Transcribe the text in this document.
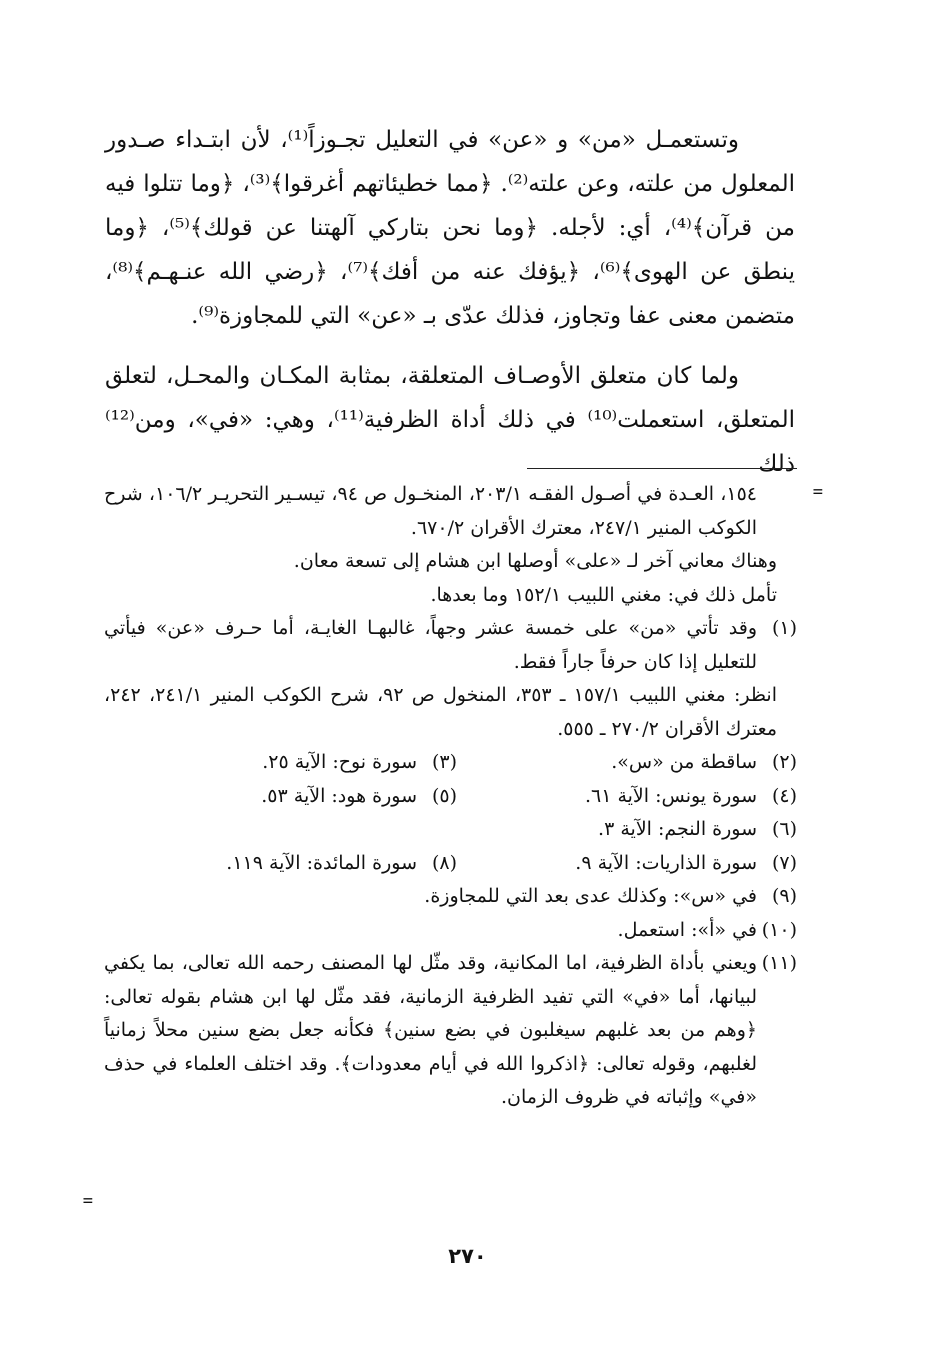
وتستعمـل «من» و «عن» في التعليل تجـوزاً⁽¹⁾، لأن ابتـداء صـدور المعلول من علته، وعن علته⁽²⁾. ﴿مما خطيئاتهم أغرقوا﴾⁽³⁾، ﴿وما تتلوا فيه من قرآن﴾⁽⁴⁾، أي: لأجله. ﴿وما نحن بتاركي آلهتنا عن قولك﴾⁽⁵⁾، ﴿وما ينطق عن الهوى﴾⁽⁶⁾، ﴿يؤفك عنه من أفك﴾⁽⁷⁾، ﴿رضي الله عنـهـم﴾⁽⁸⁾، متضمن معنى عفا وتجاوز، فذلك عدّى بـ «عن» التي للمجاوزة⁽⁹⁾.

ولما كان متعلق الأوصـاف المتعلقة، بمثابة المكـان والمحـل، لتعلق المتعلق، استعملت⁽¹⁰⁾ في ذلك أداة الظرفية⁽¹¹⁾، وهي: «في»، ومن⁽¹²⁾ ذلك

=
=
١٥٤، العـدة في أصـول الفقـه ٢٠٣/١، المنخـول ص ٩٤، تيسـير التحريـر ١٠٦/٢، شرح الكوكب المنير ٢٤٧/١، معترك الأقران ٦٧٠/٢.
وهناك معاني آخر لـ «على» أوصلها ابن هشام إلى تسعة معان.
تأمل ذلك في: مغني اللبيب ١٥٢/١ وما بعدها.
(١)
وقد تأتي «من» على خمسة عشر وجهاً، غالبهـا الغايـة، أما حـرف «عن» فيأتي للتعليل إذا كان حرفاً جاراً فقط.
انظر: مغني اللبيب ١٥٧/١ ـ ٣٥٣، المنخول ص ٩٢، شرح الكوكب المنير ٢٤١/١، ٢٤٢، معترك الأقران ٢٧٠/٢ ـ ٥٥٥.
(٢)
ساقطة من «س».
(٣)
سورة نوح: الآية ٢٥.
(٤)
سورة يونس: الآية ٦١.
(٥)
سورة هود: الآية ٥٣.
(٦)
سورة النجم: الآية ٣.
(٧)
سورة الذاريات: الآية ٩.
(٨)
سورة المائدة: الآية ١١٩.
(٩)
في «س»: وكذلك عدى بعد التي للمجاوزة.
(١٠)
في «أ»: استعمل.
(١١)
ويعني بأداة الظرفية، اما المكانية، وقد مثّل لها المصنف رحمه الله تعالى، بما يكفي لبيانها، أما «في» التي تفيد الظرفية الزمانية، فقد مثّل لها ابن هشام بقوله تعالى: ﴿وهم من بعد غلبهم سيغلبون في بضع سنين﴾ فكأنه جعل بضع سنين محلاً زمانياً لغلبهم، وقوله تعالى: ﴿اذكروا الله في أيام معدودات﴾. وقد اختلف العلماء في حذف «في» وإثباته في ظروف الزمان.
٢٧٠
